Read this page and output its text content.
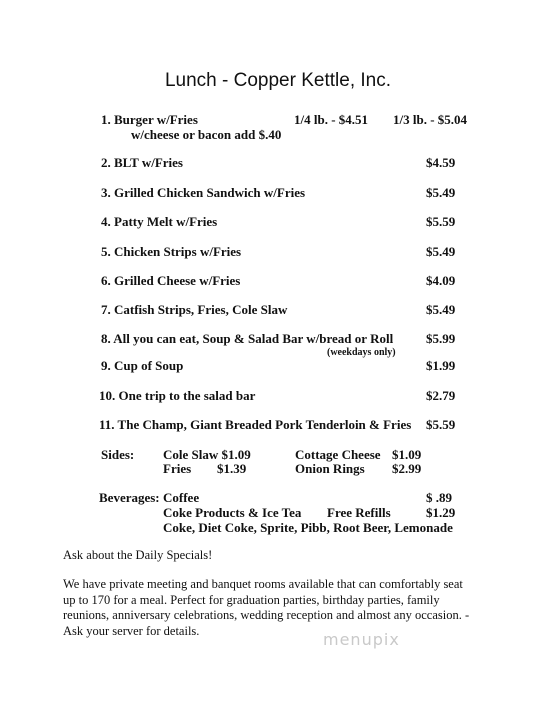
Lunch - Copper Kettle, Inc.
1. Burger w/Fries	1/4 lb. - $4.51 1/3 lb. - $5.04
w/cheese or bacon add $.40
2. BLT w/Fries	$4.59
3. Grilled Chicken Sandwich w/Fries	$5.49
4. Patty Melt w/Fries	$5.59
5. Chicken Strips w/Fries	$5.49
6. Grilled Cheese w/Fries	$4.09
7. Catfish Strips, Fries, Cole Slaw	$5.49
8. All you can eat, Soup & Salad Bar w/bread or Roll	$5.99
(weekdays only)
9. Cup of Soup	$1.99
10. One trip to the salad bar	$2.79
11. The Champ, Giant Breaded Pork Tenderloin & Fries $5.59
Sides: Cole Slaw $1.09	Cottage Cheese $1.09
Fries $1.39	Onion Rings $2.99
Beverages: Coffee	$ .89
Coke Products & Ice Tea Free Refills	$1.29
Coke, Diet Coke, Sprite, Pibb, Root Beer, Lemonade
Ask about the Daily Specials!
We have private meeting and banquet rooms available that can comfortably seat
up to 170 for a meal. Perfect for graduation parties, birthday parties, family
reunions, anniversary celebrations, wedding reception and almost any occasion. -
Ask your server for details.	menupix
